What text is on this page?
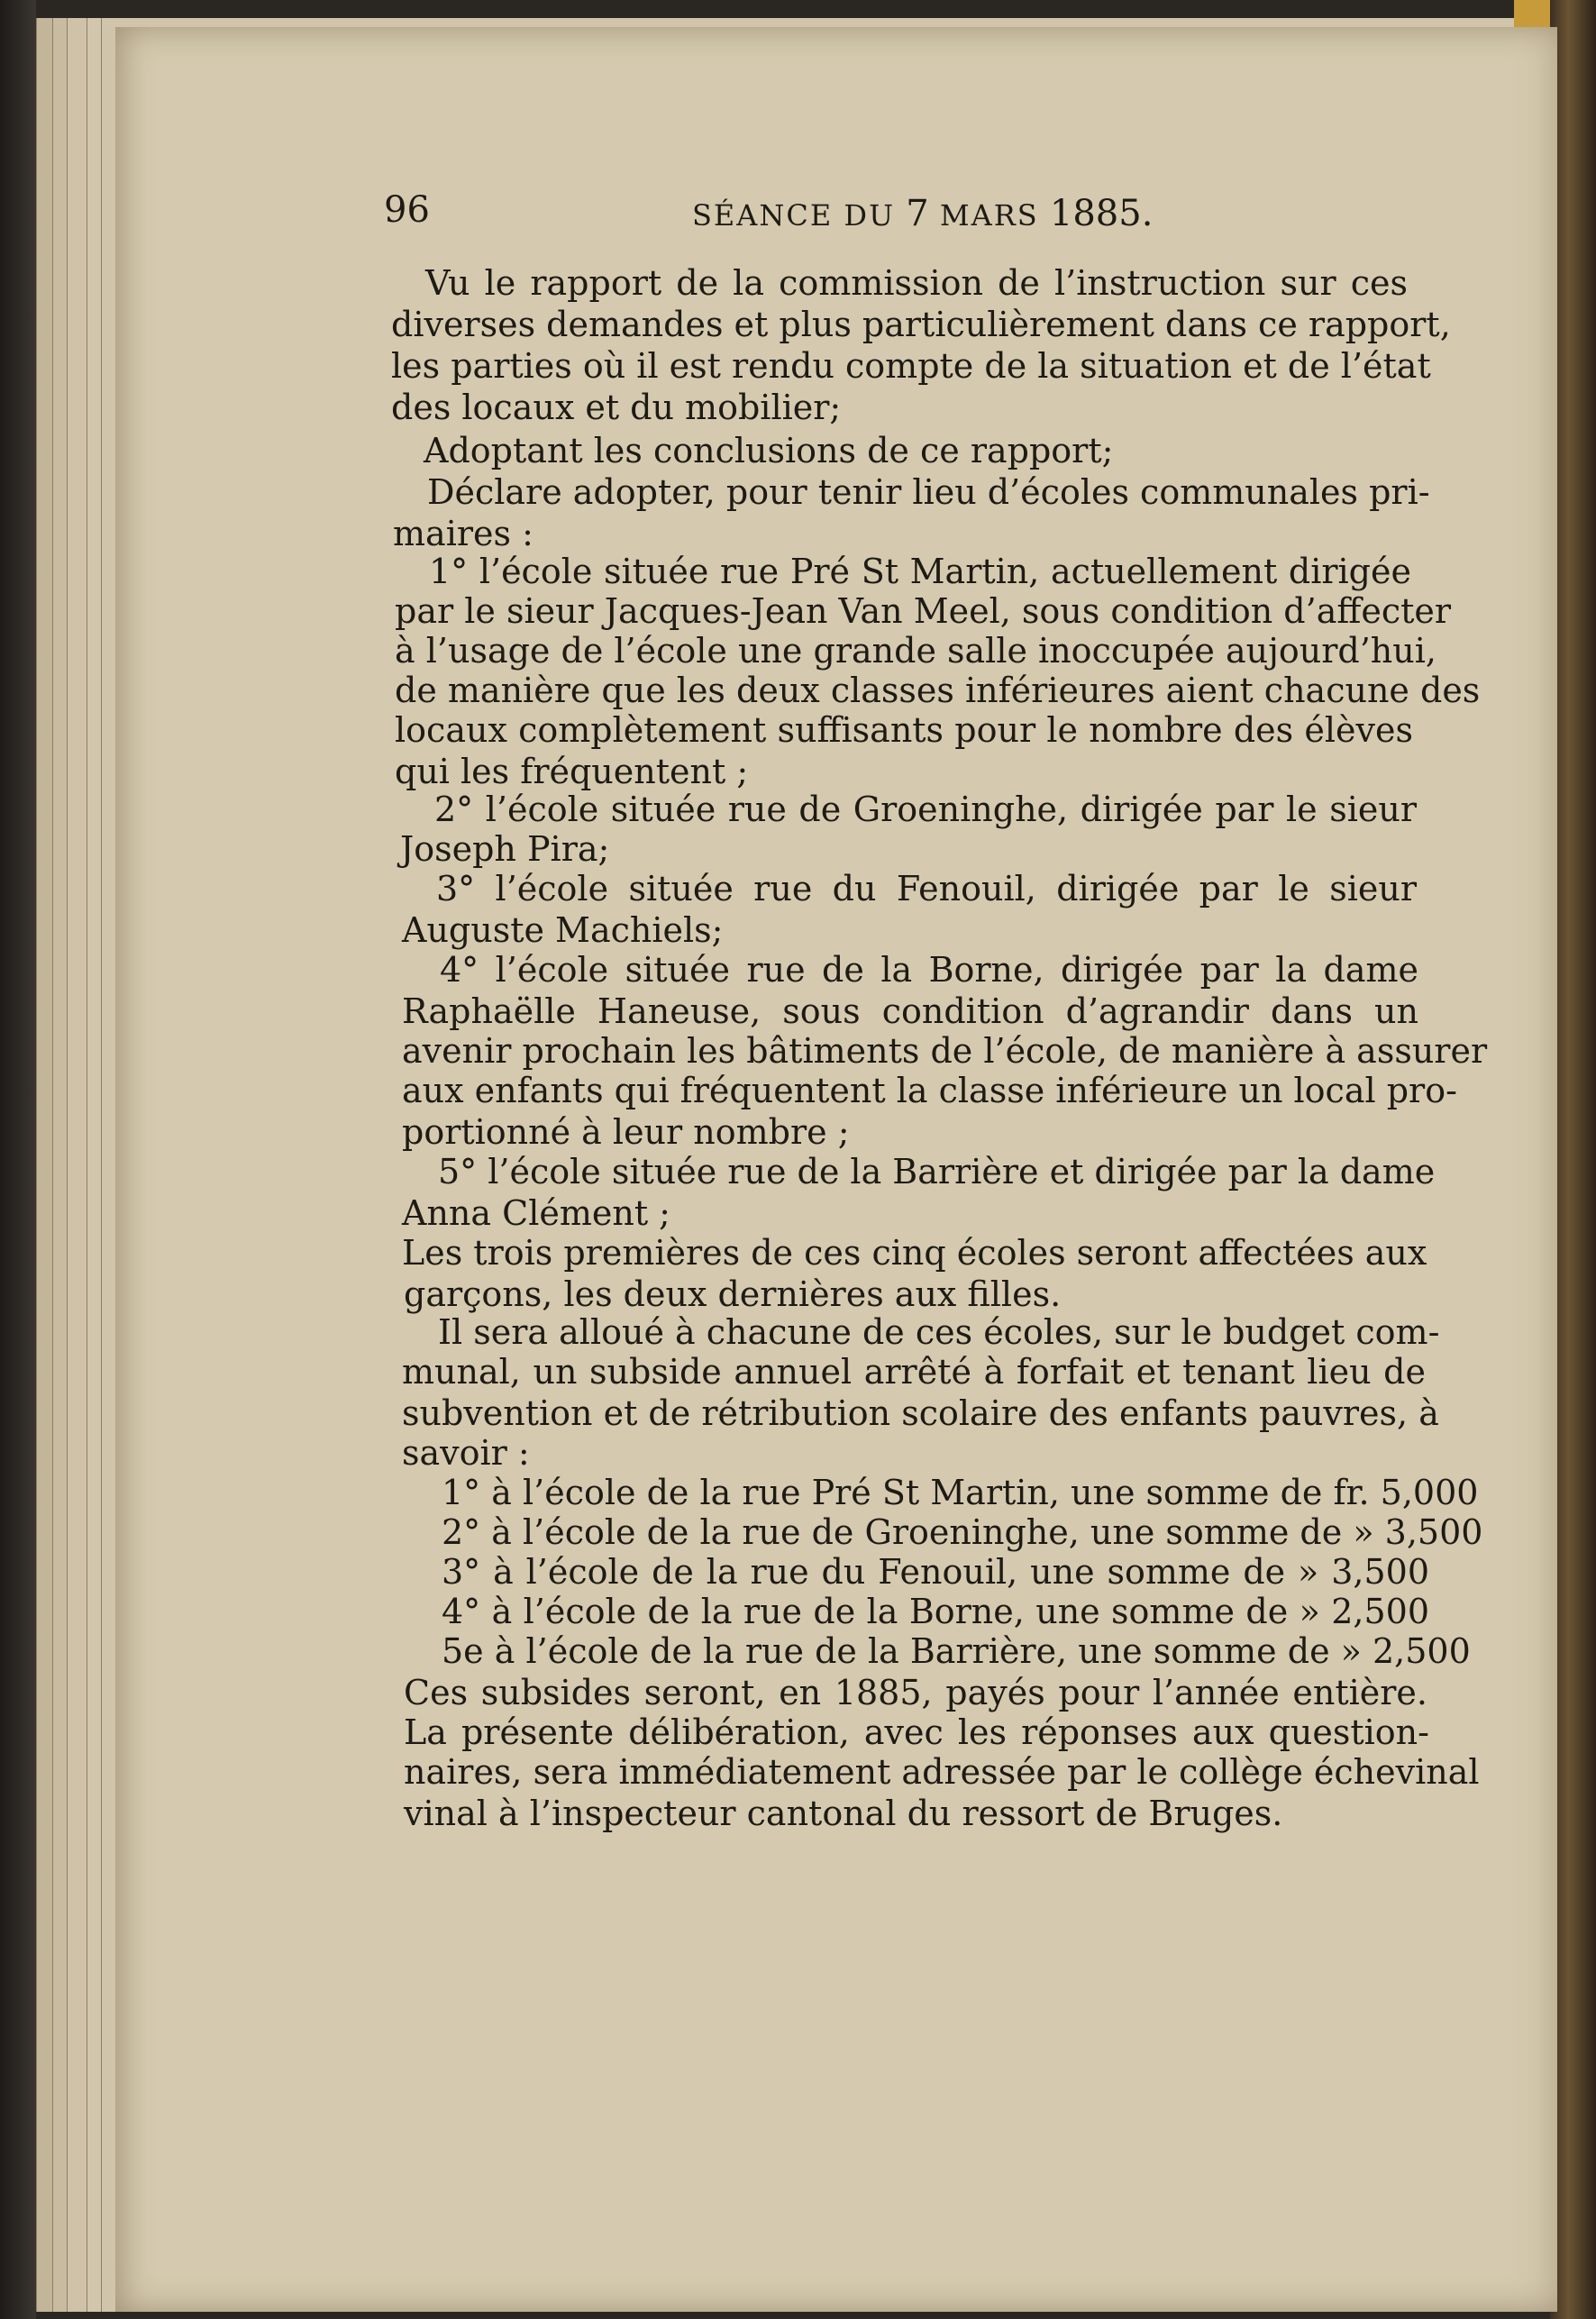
96	SÉANCE DU 7 MARS 1885.
Vu le rapport de la commission de l’instruction sur ces
diverses demandes et plus particulièrement dans ce rapport,
les parties où il est rendu compte de la situation et de l’état
des locaux et du mobilier;
Adoptant les conclusions de ce rapport;
Déclare adopter, pour tenir lieu d’écoles communales pri-
maires :
1° l’école située rue Pré St Martin, actuellement dirigée
par le sieur Jacques-Jean Van Meel, sous condition d’affecter
à l’usage de l’école une grande salle inoccupée aujourd’hui,
de manière que les deux classes inférieures aient chacune des
locaux complètement suffisants pour le nombre des élèves
qui les fréquentent ;
2° l’école située rue de Groeninghe, dirigée par le sieur
Joseph Pira;
3° l’école située rue du Fenouil, dirigée par le sieur
Auguste Machiels;
4° l’école située rue de la Borne, dirigée par la dame
Raphaëlle Haneuse, sous condition d’agrandir dans un
avenir prochain les bâtiments de l’école, de manière à assurer
aux enfants qui fréquentent la classe inférieure un local pro-
portionné à leur nombre ;
5° l’école située rue de la Barrière et dirigée par la dame
Anna Clément ;
Les trois premières de ces cinq écoles seront affectées aux
garçons, les deux dernières aux filles.
Il sera alloué à chacune de ces écoles, sur le budget com-
munal, un subside annuel arrêté à forfait et tenant lieu de
subvention et de rétribution scolaire des enfants pauvres, à
savoir :
1° à l’école de la rue Pré St Martin, une somme de fr. 5,000
2° à l’école de la rue de Groeninghe, une somme de » 3,500
3° à l’école de la rue du Fenouil, une somme de » 3,500
4° à l’école de la rue de la Borne, une somme de » 2,500
5e à l’école de la rue de la Barrière, une somme de » 2,500
Ces subsides seront, en 1885, payés pour l’année entière.
La présente délibération, avec les réponses aux question-
naires, sera immédiatement adressée par le collège échevinal
vinal à l’inspecteur cantonal du ressort de Bruges.
